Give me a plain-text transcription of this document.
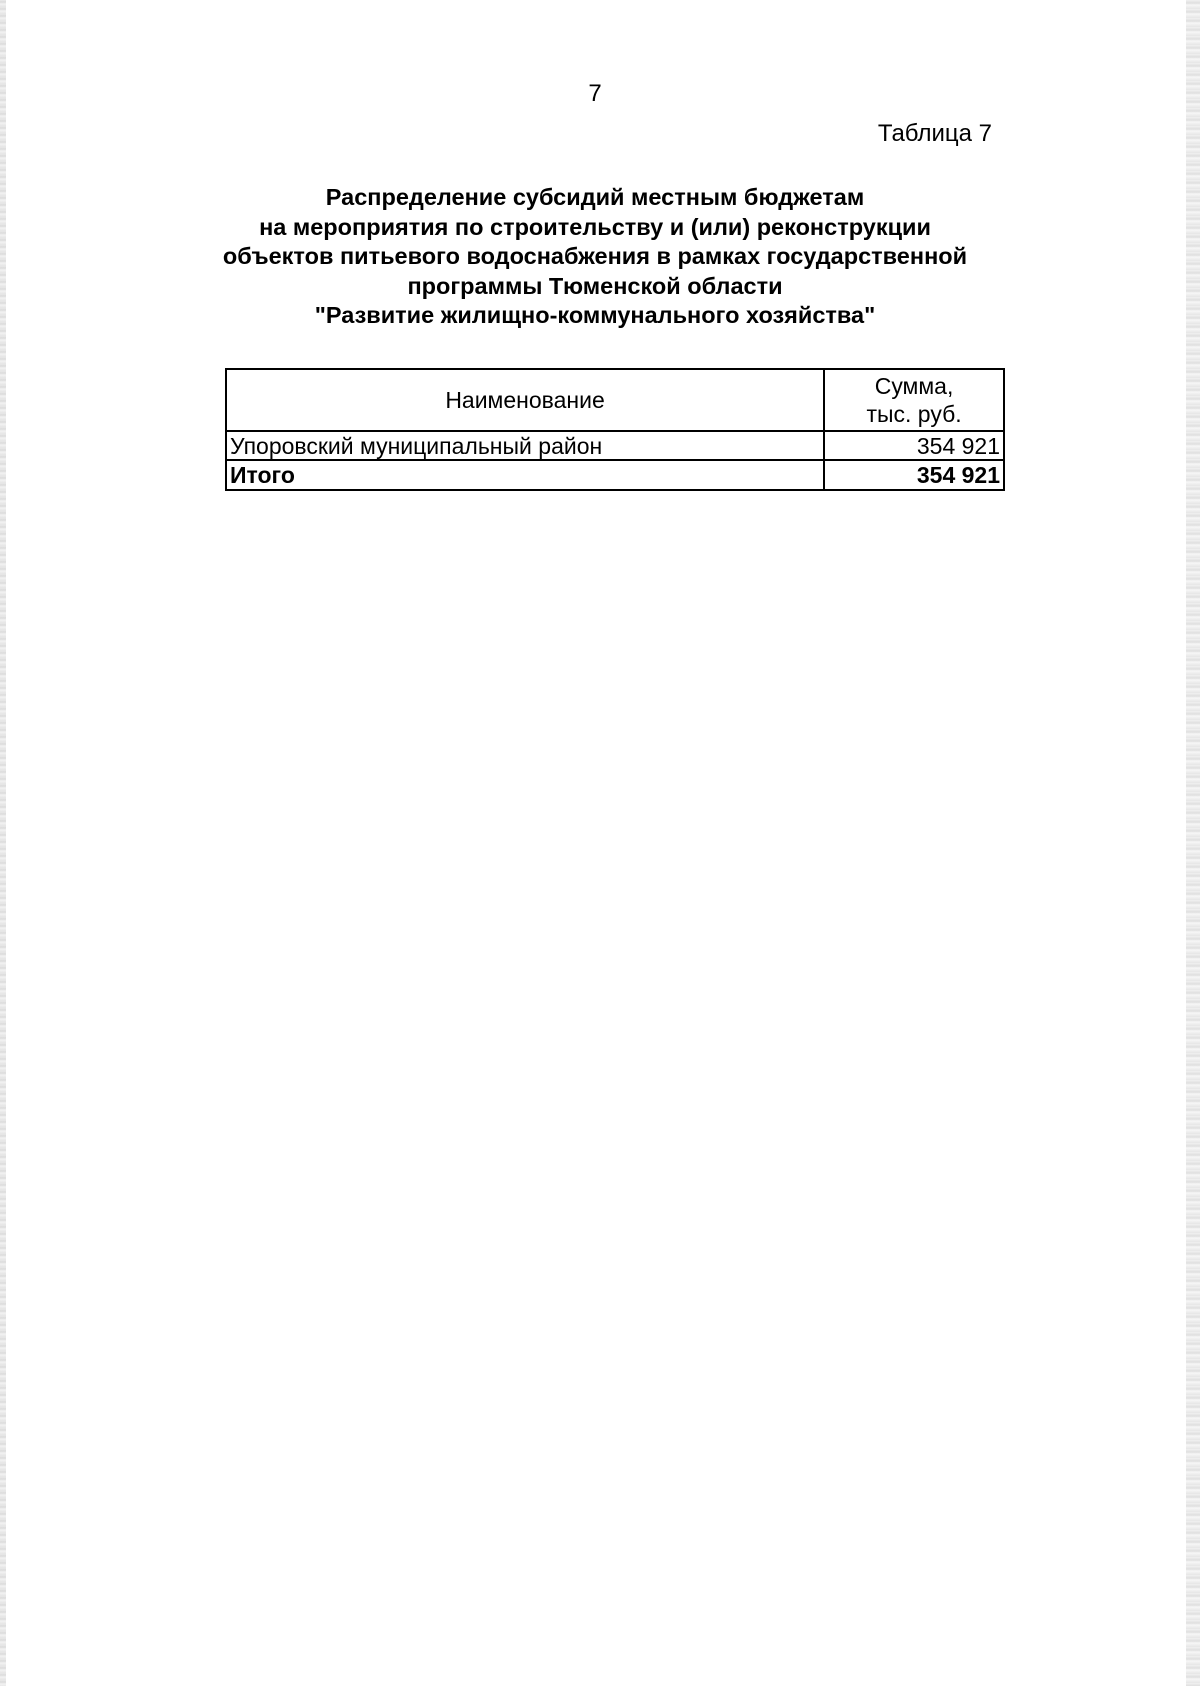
7
Таблица 7
Распределение субсидий местным бюджетам
на мероприятия по строительству и (или) реконструкции
объектов питьевого водоснабжения в рамках государственной
программы Тюменской области
"Развитие жилищно-коммунального хозяйства"
Наименование	Сумма,
тыс. руб.

Упоровский муниципальный район	354 921
Итого	354 921
